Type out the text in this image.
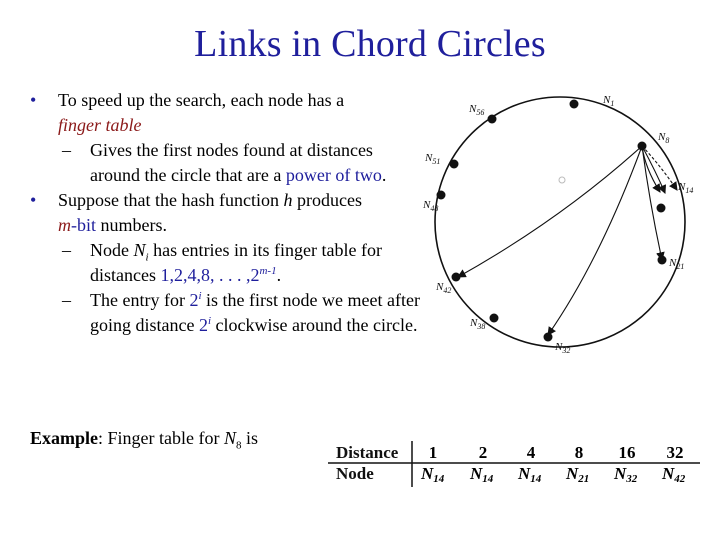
Links in Chord Circles
• To speed up the search, each node has a
finger table
– Gives the first nodes found at distances around the circle that are a power of two.
• Suppose that the hash function h produces
m-bit numbers.
– Node $N_i$ has entries in its finger table for distances 1,2,4,8, . . . ,2$^{m-1}$.
– The entry for 2$^i$ is the first node we meet after going distance 2$^i$ clockwise around the circle.
Example: Finger table for $N_8$ is
$N_1$
$N_8$
$N_{14}$
$N_{21}$
$N_{32}$
$N_{38}$
$N_{42}$
$N_{48}$
$N_{51}$
$N_{56}$
Distance
Node
1 2 4 8 16 32
N14 N14 N14 N21 N32 N42
